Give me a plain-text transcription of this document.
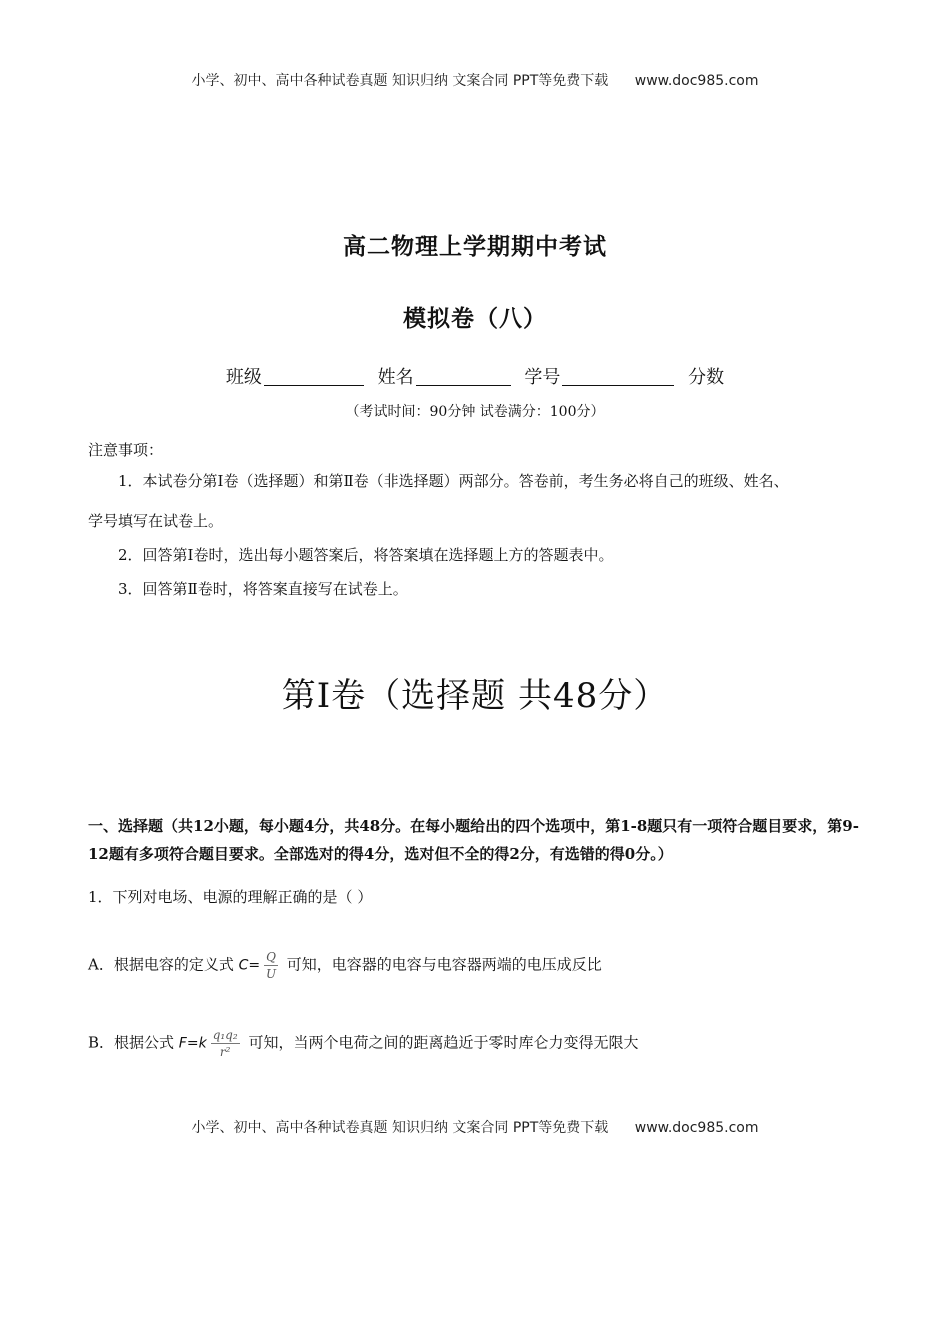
小学、初中、高中各种试卷真题 知识归纳 文案合同 PPT等免费下载 www.doc985.com
高二物理上学期期中考试
模拟卷（八）
班级	姓名	学号	分数
（考试时间：90分钟 试卷满分：100分）
注意事项：
1．本试卷分第Ⅰ卷（选择题）和第Ⅱ卷（非选择题）两部分。答卷前，考生务必将自己的班级、姓名、
学号填写在试卷上。
2．回答第Ⅰ卷时，选出每小题答案后，将答案填在选择题上方的答题表中。
3．回答第Ⅱ卷时，将答案直接写在试卷上。
第Ⅰ卷（选择题 共48分）
一、选择题（共12小题，每小题4分，共48分。在每小题给出的四个选项中，第1-8题只有一项符合题目要求，第9-12题有多项符合题目要求。全部选对的得4分，选对但不全的得2分，有选错的得0分。）
1．下列对电场、电源的理解正确的是（ ）
A．根据电容的定义式 $C= \frac{Q}{U}$ 可知，电容器的电容与电容器两端的电压成反比
B．根据公式 $F=k \frac{\text{q₁q₂}}{\text{r²}}$ 可知，当两个电荷之间的距离趋近于零时库仑力变得无限大
小学、初中、高中各种试卷真题 知识归纳 文案合同 PPT等免费下载 www.doc985.com
